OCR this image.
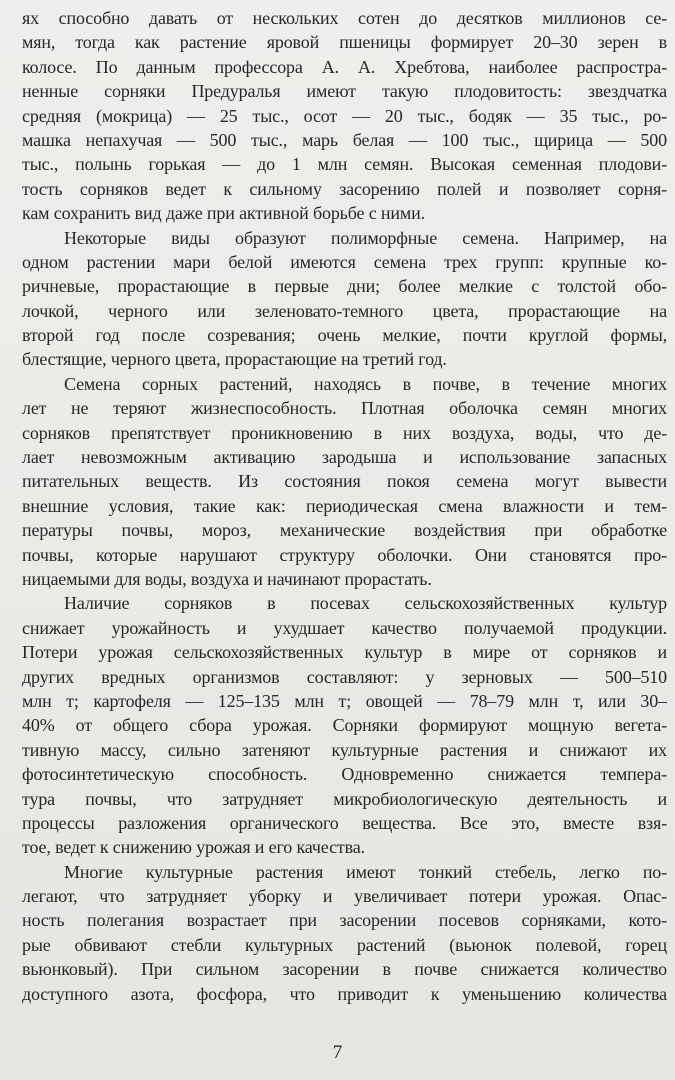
ях способно давать от нескольких сотен до десятков миллионов се-
мян, тогда как растение яровой пшеницы формирует 20–30 зерен в
колосе. По данным профессора А. А. Хребтова, наиболее распростра-
ненные сорняки Предуралья имеют такую плодовитость: звездчатка
средняя (мокрица) — 25 тыс., осот — 20 тыс., бодяк — 35 тыс., ро-
машка непахучая — 500 тыс., марь белая — 100 тыс., щирица — 500
тыс., полынь горькая — до 1 млн семян. Высокая семенная плодови-
тость сорняков ведет к сильному засорению полей и позволяет сорня-
кам сохранить вид даже при активной борьбе с ними.
Некоторые виды образуют полиморфные семена. Например, на
одном растении мари белой имеются семена трех групп: крупные ко-
ричневые, прорастающие в первые дни; более мелкие с толстой обо-
лочкой, черного или зеленовато-темного цвета, прорастающие на
второй год после созревания; очень мелкие, почти круглой формы,
блестящие, черного цвета, прорастающие на третий год.
Семена сорных растений, находясь в почве, в течение многих
лет не теряют жизнеспособность. Плотная оболочка семян многих
сорняков препятствует проникновению в них воздуха, воды, что де-
лает невозможным активацию зародыша и использование запасных
питательных веществ. Из состояния покоя семена могут вывести
внешние условия, такие как: периодическая смена влажности и тем-
пературы почвы, мороз, механические воздействия при обработке
почвы, которые нарушают структуру оболочки. Они становятся про-
ницаемыми для воды, воздуха и начинают прорастать.
Наличие сорняков в посевах сельскохозяйственных культур
снижает урожайность и ухудшает качество получаемой продукции.
Потери урожая сельскохозяйственных культур в мире от сорняков и
других вредных организмов составляют: у зерновых — 500–510
млн т; картофеля — 125–135 млн т; овощей — 78–79 млн т, или 30–
40% от общего сбора урожая. Сорняки формируют мощную вегета-
тивную массу, сильно затеняют культурные растения и снижают их
фотосинтетическую способность. Одновременно снижается темпера-
тура почвы, что затрудняет микробиологическую деятельность и
процессы разложения органического вещества. Все это, вместе взя-
тое, ведет к снижению урожая и его качества.
Многие культурные растения имеют тонкий стебель, легко по-
легают, что затрудняет уборку и увеличивает потери урожая. Опас-
ность полегания возрастает при засорении посевов сорняками, кото-
рые обвивают стебли культурных растений (вьюнок полевой, горец
вьюнковый). При сильном засорении в почве снижается количество
доступного азота, фосфора, что приводит к уменьшению количества
7
